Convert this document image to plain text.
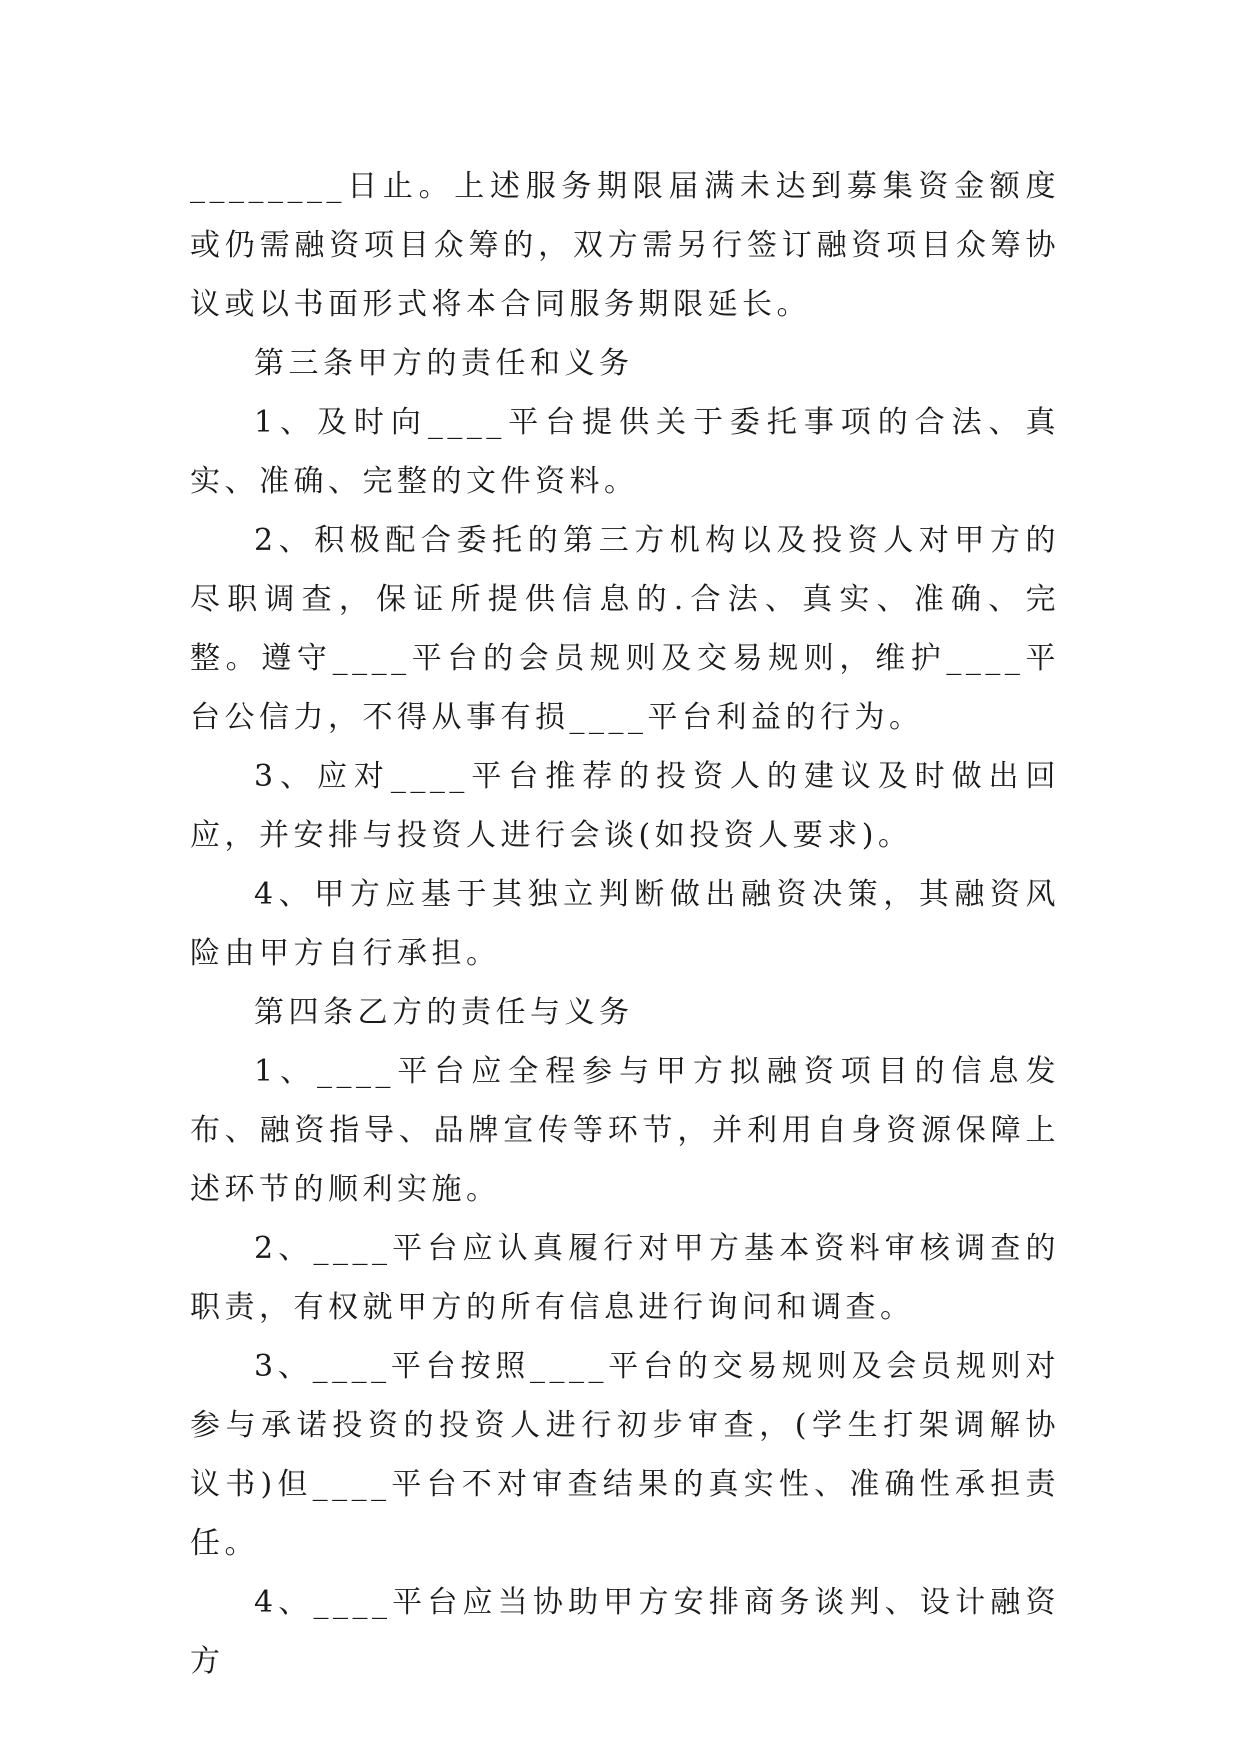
________日止。上述服务期限届满未达到募集资金额度或仍需融资项目众筹的，双方需另行签订融资项目众筹协议或以书面形式将本合同服务期限延长。

第三条甲方的责任和义务

1、及时向____平台提供关于委托事项的合法、真实、准确、完整的文件资料。

2、积极配合委托的第三方机构以及投资人对甲方的尽职调查，保证所提供信息的.合法、真实、准确、完整。遵守____平台的会员规则及交易规则，维护____平台公信力，不得从事有损____平台利益的行为。

3、应对____平台推荐的投资人的建议及时做出回应，并安排与投资人进行会谈(如投资人要求)。

4、甲方应基于其独立判断做出融资决策，其融资风险由甲方自行承担。

第四条乙方的责任与义务

1、____平台应全程参与甲方拟融资项目的信息发布、融资指导、品牌宣传等环节，并利用自身资源保障上述环节的顺利实施。

2、____平台应认真履行对甲方基本资料审核调查的职责，有权就甲方的所有信息进行询问和调查。

3、____平台按照____平台的交易规则及会员规则对参与承诺投资的投资人进行初步审查，(学生打架调解协议书)但____平台不对审查结果的真实性、准确性承担责任。

4、____平台应当协助甲方安排商务谈判、设计融资方
